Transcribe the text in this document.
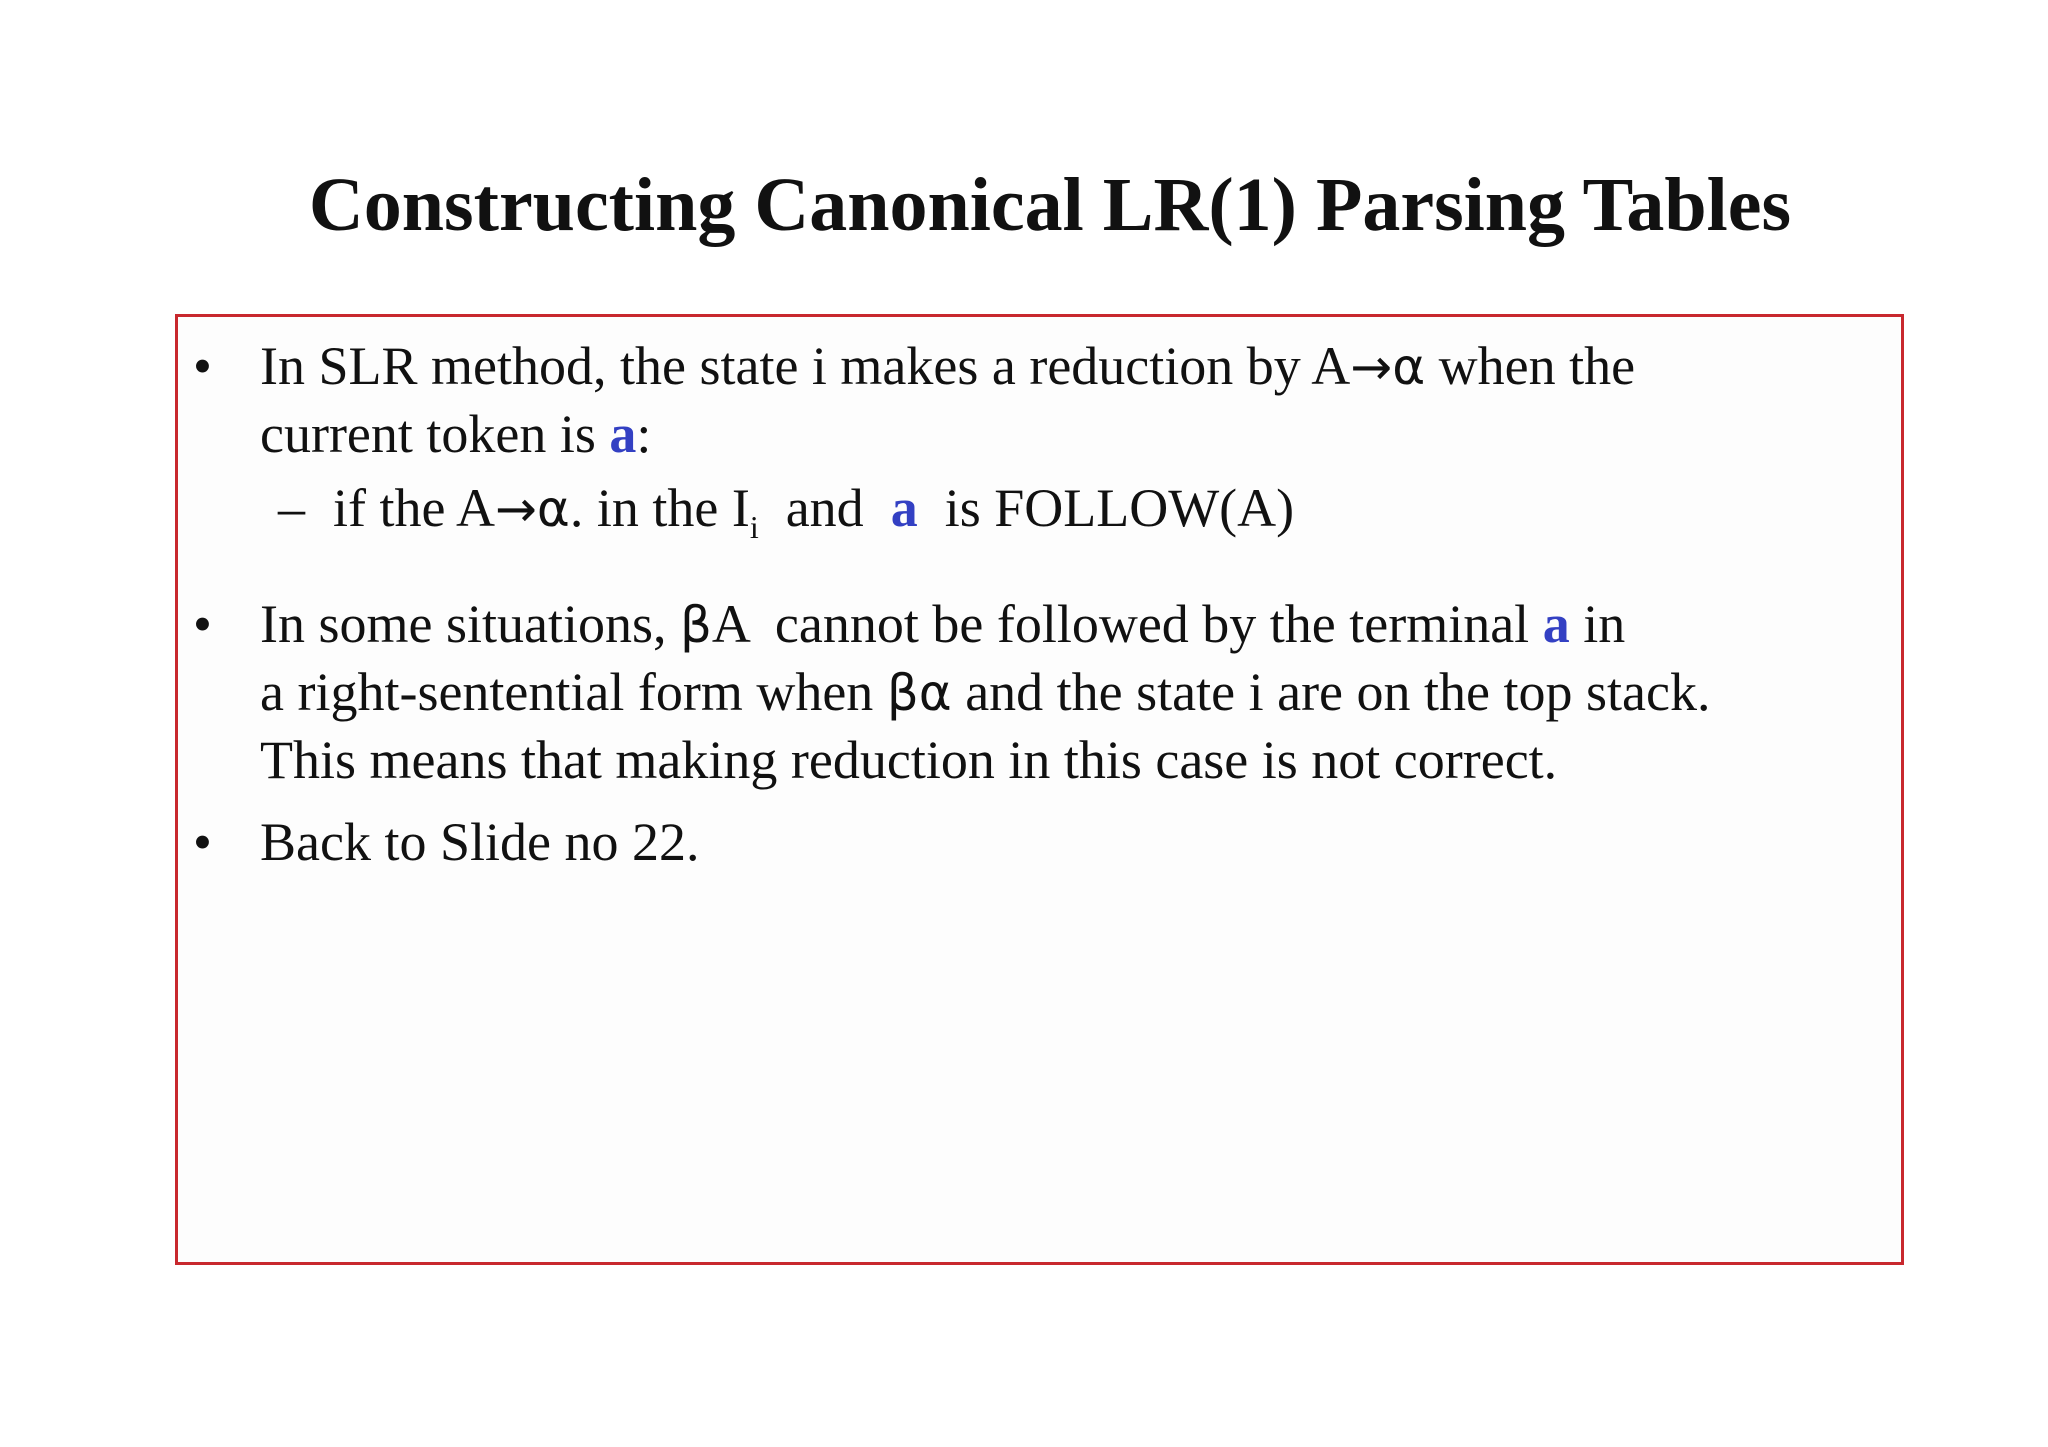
Constructing Canonical LR(1) Parsing Tables
• In SLR method, the state i makes a reduction by A→α when the
current token is a:
– if the A→α. in the $I_i$  and  a  is FOLLOW(A)
• In some situations, βA  cannot be followed by the terminal a in
a right-sentential form when βα and the state i are on the top stack.
This means that making reduction in this case is not correct.
• Back to Slide no 22.
